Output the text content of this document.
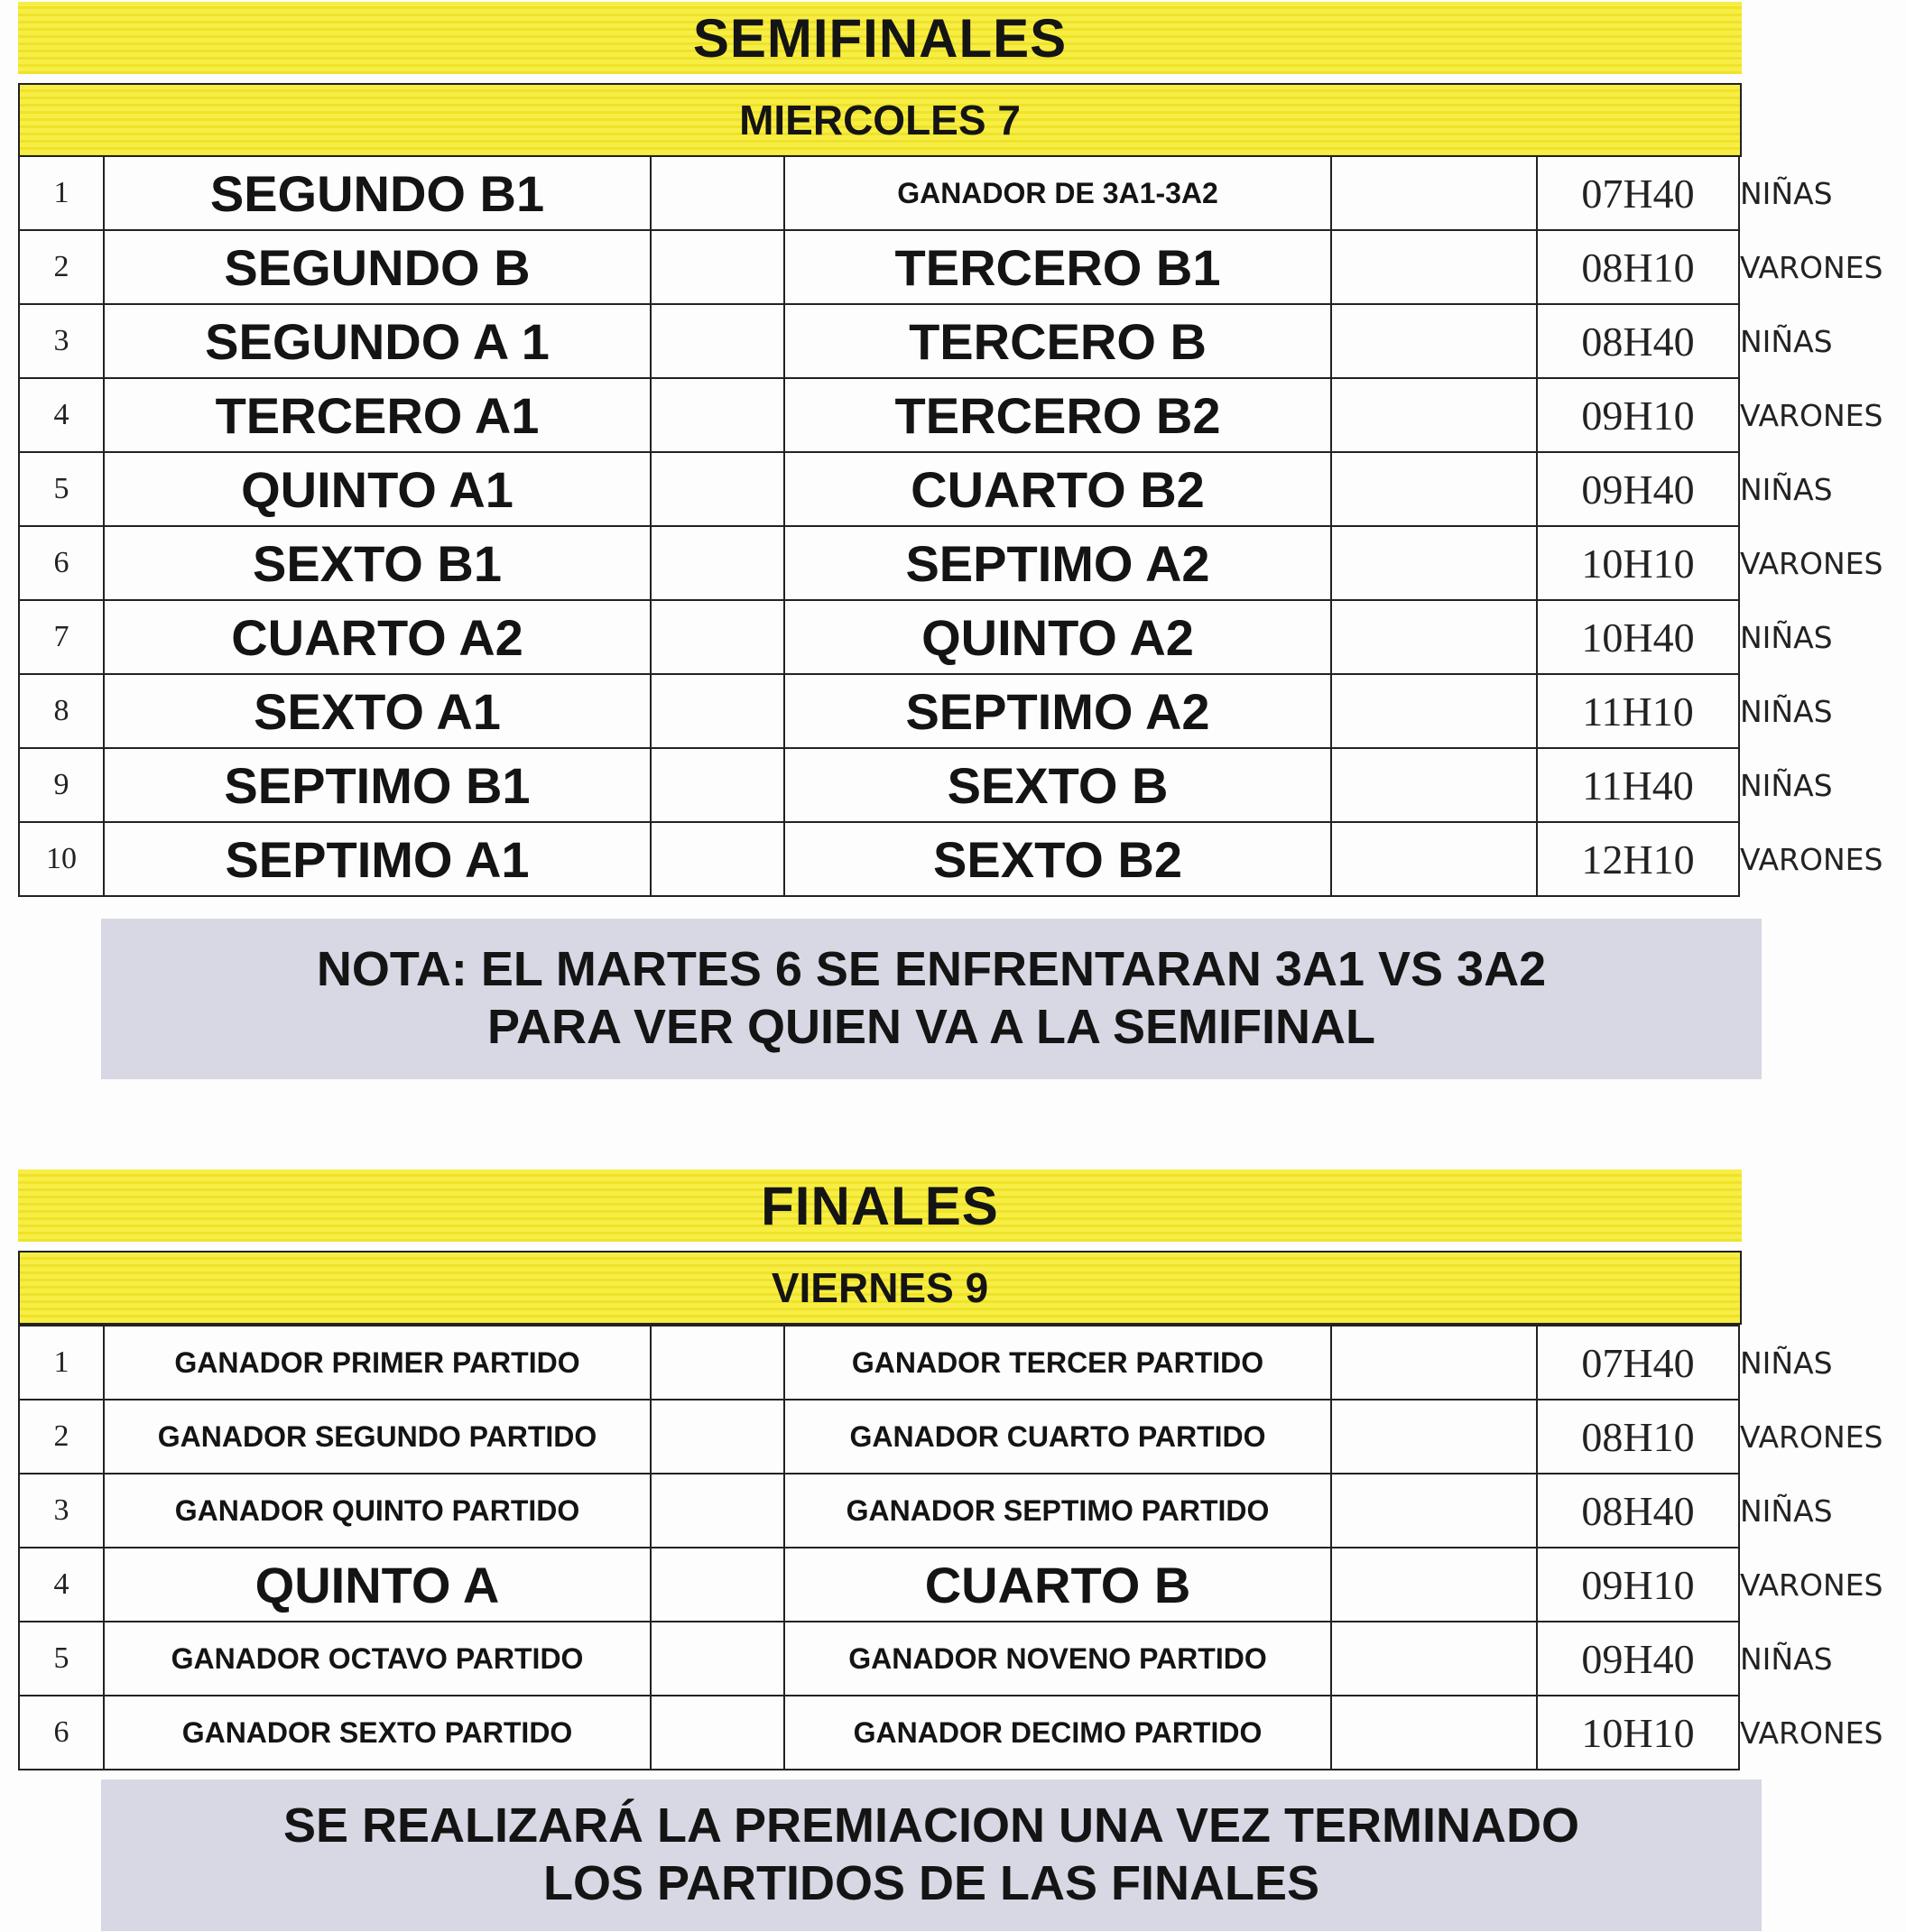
SEMIFINALES
MIERCOLES 7
1	SEGUNDO B1		GANADOR DE 3A1-3A2		07H40	NIÑAS
2	SEGUNDO B		TERCERO B1		08H10	VARONES
3	SEGUNDO A 1		TERCERO B		08H40	NIÑAS
4	TERCERO A1		TERCERO B2		09H10	VARONES
5	QUINTO A1		CUARTO B2		09H40	NIÑAS
6	SEXTO B1		SEPTIMO A2		10H10	VARONES
7	CUARTO A2		QUINTO A2		10H40	NIÑAS
8	SEXTO A1		SEPTIMO A2		11H10	NIÑAS
9	SEPTIMO B1		SEXTO B		11H40	NIÑAS
10	SEPTIMO A1		SEXTO B2		12H10	VARONES
NOTA: EL MARTES 6 SE ENFRENTARAN 3A1 VS 3A2
PARA VER QUIEN VA A LA SEMIFINAL
FINALES
VIERNES 9
1	GANADOR PRIMER PARTIDO		GANADOR TERCER PARTIDO		07H40	NIÑAS
2	GANADOR SEGUNDO PARTIDO		GANADOR CUARTO PARTIDO		08H10	VARONES
3	GANADOR QUINTO PARTIDO		GANADOR SEPTIMO PARTIDO		08H40	NIÑAS
4	QUINTO A		CUARTO B		09H10	VARONES
5	GANADOR OCTAVO PARTIDO		GANADOR NOVENO PARTIDO		09H40	NIÑAS
6	GANADOR SEXTO PARTIDO		GANADOR DECIMO PARTIDO		10H10	VARONES
SE REALIZARÁ LA PREMIACION UNA VEZ TERMINADO
LOS PARTIDOS DE LAS FINALES
